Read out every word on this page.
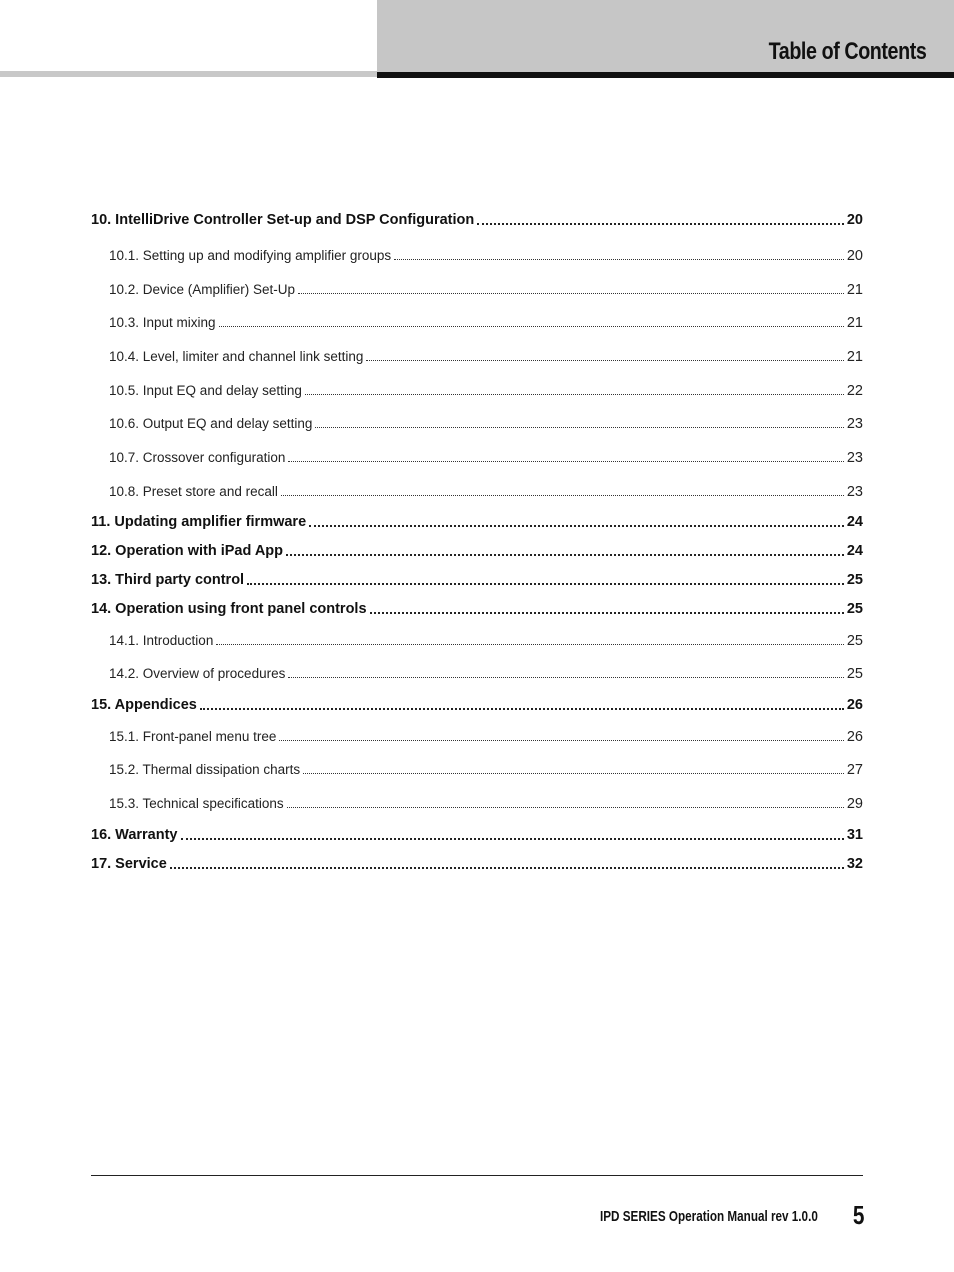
Table of Contents
10. IntelliDrive Controller Set-up and DSP Configuration	20
10.1. Setting up and modifying amplifier groups	20
10.2. Device (Amplifier) Set-Up	21
10.3. Input mixing	21
10.4. Level, limiter and channel link setting	21
10.5. Input EQ and delay setting	22
10.6. Output EQ and delay setting	23
10.7. Crossover configuration	23
10.8. Preset store and recall	23
11. Updating amplifier firmware	24
12. Operation with iPad App	24
13. Third party control	25
14. Operation using front panel controls	25
14.1. Introduction	25
14.2. Overview of procedures	25
15. Appendices	26
15.1. Front-panel menu tree	26
15.2. Thermal dissipation charts	27
15.3. Technical specifications	29
16. Warranty	31
17. Service	32
IPD SERIES Operation Manual rev 1.0.0 5
